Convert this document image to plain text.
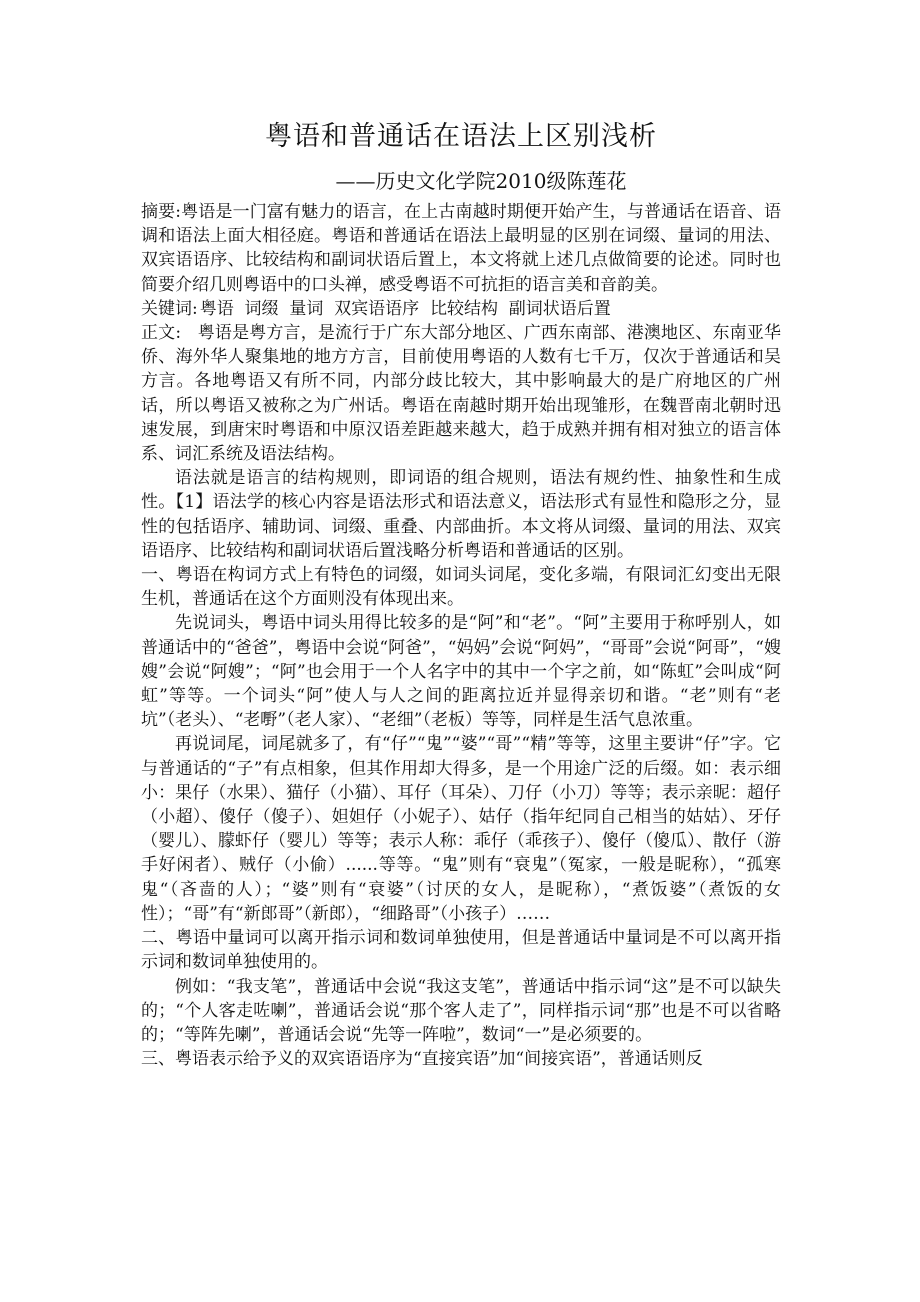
粤语和普通话在语法上区别浅析
——历史文化学院2010级陈莲花

摘要:粤语是一门富有魅力的语言，在上古南越时期便开始产生，与普通话在语音、语调和语法上面大相径庭。粤语和普通话在语法上最明显的区别在词缀、量词的用法、双宾语语序、比较结构和副词状语后置上，本文将就上述几点做简要的论述。同时也简要介绍几则粤语中的口头禅，感受粤语不可抗拒的语言美和音韵美。

关键词: 粤语  词缀  量词  双宾语语序  比较结构  副词状语后置

正文: 粤语是粤方言，是流行于广东大部分地区、广西东南部、港澳地区、东南亚华侨、海外华人聚集地的地方方言，目前使用粤语的人数有七千万，仅次于普通话和吴方言。各地粤语又有所不同，内部分歧比较大，其中影响最大的是广府地区的广州话，所以粤语又被称之为广州话。粤语在南越时期开始出现雏形，在魏晋南北朝时迅速发展，到唐宋时粤语和中原汉语差距越来越大，趋于成熟并拥有相对独立的语言体系、词汇系统及语法结构。

语法就是语言的结构规则，即词语的组合规则，语法有规约性、抽象性和生成性。【1】语法学的核心内容是语法形式和语法意义，语法形式有显性和隐形之分，显性的包括语序、辅助词、词缀、重叠、内部曲折。本文将从词缀、量词的用法、双宾语语序、比较结构和副词状语后置浅略分析粤语和普通话的区别。

一、粤语在构词方式上有特色的词缀，如词头词尾，变化多端，有限词汇幻变出无限生机，普通话在这个方面则没有体现出来。

先说词头，粤语中词头用得比较多的是“阿”和“老”。“阿”主要用于称呼别人，如普通话中的“爸爸”，粤语中会说“阿爸”，“妈妈”会说“阿妈”，“哥哥”会说“阿哥”，“嫂嫂”会说“阿嫂”；“阿”也会用于一个人名字中的其中一个字之前，如“陈虹”会叫成“阿虹”等等。一个词头“阿”使人与人之间的距离拉近并显得亲切和谐。“老”则有“老坑”（老头）、“老嘢”（老人家）、“老细”（老板）等等，同样是生活气息浓重。

再说词尾，词尾就多了，有“仔”“鬼”“婆”“哥”“精”等等，这里主要讲“仔”字。它与普通话的“子”有点相象，但其作用却大得多，是一个用途广泛的后缀。如：表示细小：果仔（水果）、猫仔（小猫）、耳仔（耳朵）、刀仔（小刀）等等；表示亲昵：超仔（小超）、傻仔（傻子）、妲妲仔（小妮子）、姑仔（指年纪同自己相当的姑姑）、牙仔（婴儿）、朦虾仔（婴儿）等等；表示人称：乖仔（乖孩子）、傻仔（傻瓜）、散仔（游手好闲者）、贼仔（小偷）......等等。“鬼”则有“衰鬼”（冤家，一般是昵称），“孤寒鬼“（吝啬的人）；“婆”则有“衰婆”（讨厌的女人，是昵称），“煮饭婆”（煮饭的女性）；“哥”有“新郎哥”（新郎），“细路哥”（小孩子）……

二、粤语中量词可以离开指示词和数词单独使用，但是普通话中量词是不可以离开指示词和数词单独使用的。

例如：“我支笔”，普通话中会说“我这支笔”，普通话中指示词“这”是不可以缺失的；“个人客走咗喇”，普通话会说“那个客人走了”，同样指示词“那”也是不可以省略的；“等阵先喇”，普通话会说“先等一阵啦”，数词“一”是必须要的。

三、粤语表示给予义的双宾语语序为“直接宾语”加“间接宾语”，普通话则反
